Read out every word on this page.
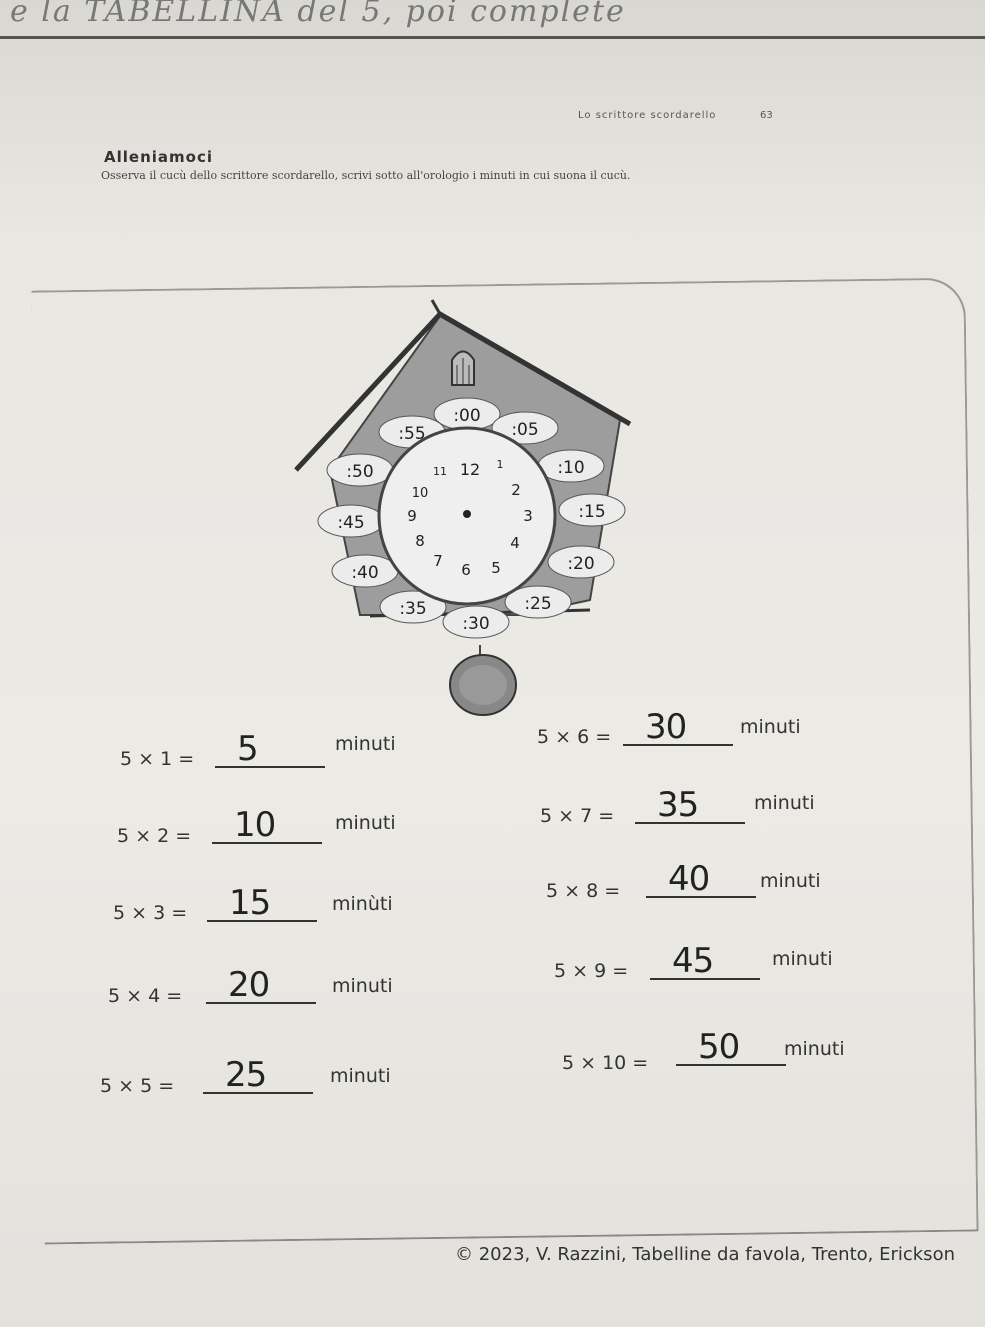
e la TABELLINA del 5, poi complete
Lo scrittore scordarello	63
Alleniamoci
Osserva il cucù dello scrittore scordarello, scrivi sotto all'orologio i minuti in cui suona il cucù.
:00
:05
:10
:15
:20
:25
:30
:35
:40
:45
:50
:55
12 1
2
3
4
5
6
7
8
9
10
11
5 × 1 =	5	minuti
5 × 2 =	10	minuti
5 × 3 =	15	minùti
5 × 4 =	20	minuti
5 × 5 =	25	minuti
5 × 6 = 30	minuti
5 × 7 =	35	minuti
5 × 8 =	40	minuti
5 × 9 =	45	minuti
5 × 10 =	50	minuti
© 2023, V. Razzini, Tabelline da favola, Trento, Erickson
